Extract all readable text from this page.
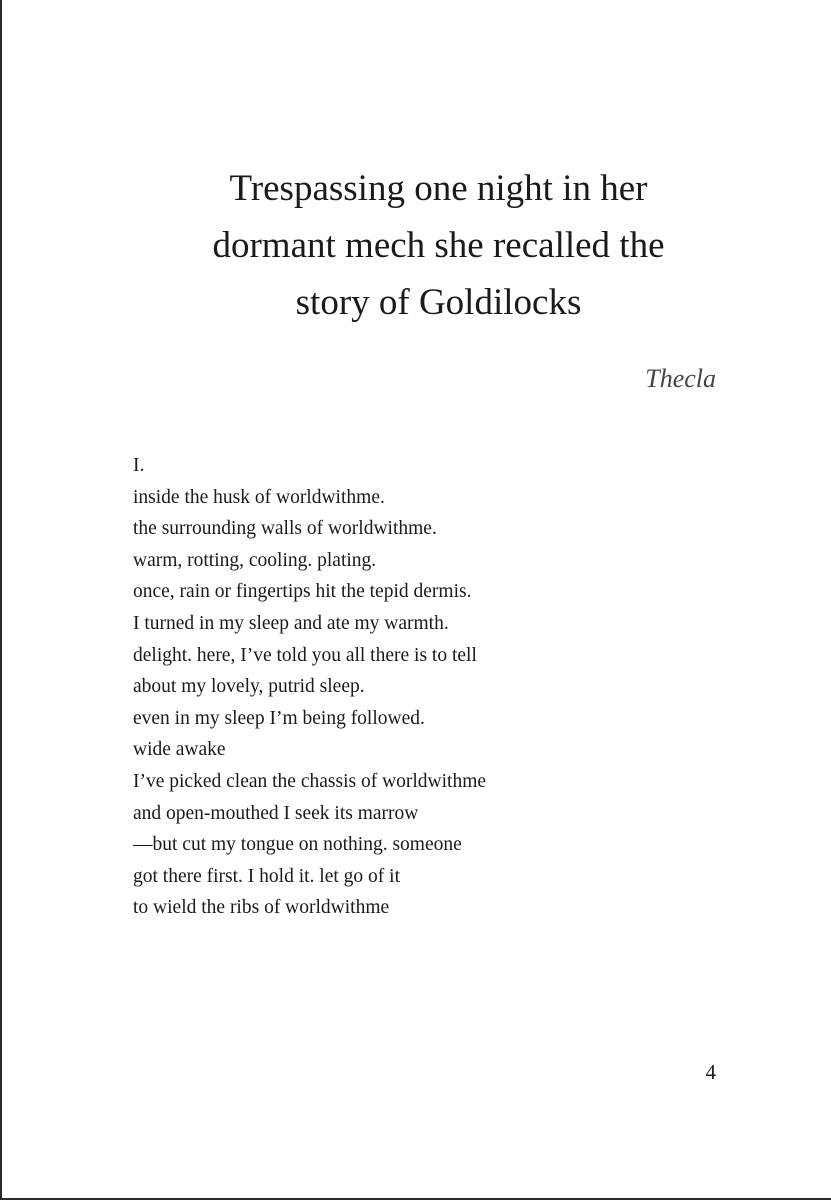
Trespassing one night in her
dormant mech she recalled the
story of Goldilocks
Thecla
I.
inside the husk of worldwithme.
the surrounding walls of worldwithme.
warm, rotting, cooling. plating.
once, rain or fingertips hit the tepid dermis.
I turned in my sleep and ate my warmth.
delight. here, I’ve told you all there is to tell
about my lovely, putrid sleep.
even in my sleep I’m being followed.
wide awake
I’ve picked clean the chassis of worldwithme
and open-mouthed I seek its marrow
—but cut my tongue on nothing. someone
got there first. I hold it. let go of it
to wield the ribs of worldwithme
4
